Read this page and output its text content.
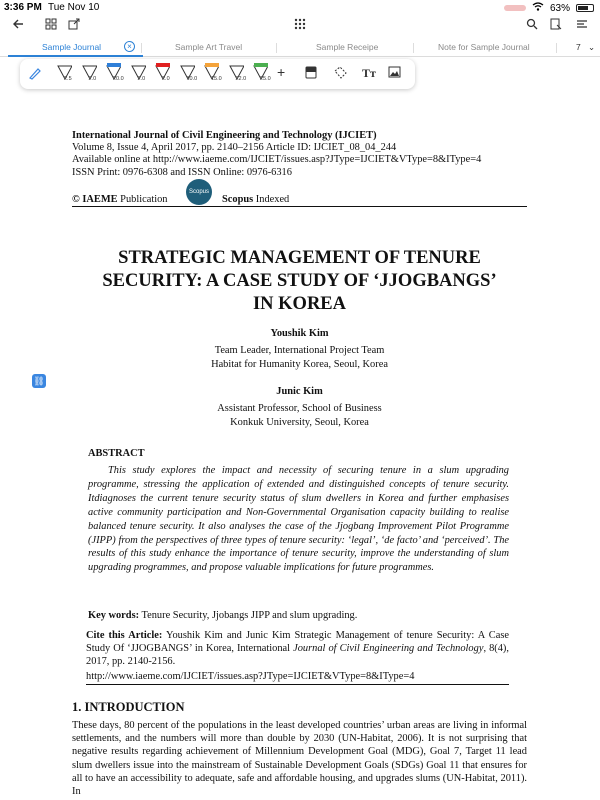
3:36 PM Tue Nov 10	63%
Sample Journal	×	Sample Art Travel	Sample Receipe	Note for Sample Journal	7 ⌄
2.5	2.0	20.0	2.0	2.0	10.0	15.0	22.0	25.0 +	Tт
International Journal of Civil Engineering and Technology (IJCIET)
Volume 8, Issue 4, April 2017, pp. 2140–2156 Article ID: IJCIET_08_04_244
Available online at http://www.iaeme.com/IJCIET/issues.asp?JType=IJCIET&VType=8&IType=4
ISSN Print: 0976-6308 and ISSN Online: 0976-6316
© IAEME Publication
Scopus
Scopus Indexed
STRATEGIC MANAGEMENT OF TENURE
SECURITY: A CASE STUDY OF ‘JJOGBANGS’
IN KOREA
Youshik Kim
Team Leader, International Project Team
Habitat for Humanity Korea, Seoul, Korea
Junic Kim
Assistant Professor, School of Business
Konkuk University, Seoul, Korea
ABSTRACT
This study explores the impact and necessity of securing tenure in a slum upgrading programme, stressing the application of extended and distinguished concepts of tenure security. Itdiagnoses the current tenure security status of slum dwellers in Korea and further emphasises active community participation and Non-Governmental Organisation capacity building to realise balanced tenure security. It also analyses the case of the Jjogbang Improvement Pilot Programme (JIPP) from the perspectives of three types of tenure security: ‘legal’, ‘de facto’ and ‘perceived’. The results of this study enhance the importance of tenure security, improve the understanding of slum upgrading programmes, and propose valuable implications for future programmes.
Key words: Tenure Security, Jjobangs JIPP and slum upgrading.
Cite this Article: Youshik Kim and Junic Kim Strategic Management of tenure Security: A Case Study Of ‘JJOGBANGS’ in Korea, International Journal of Civil Engineering and Technology, 8(4), 2017, pp. 2140-2156.
http://www.iaeme.com/IJCIET/issues.asp?JType=IJCIET&VType=8&IType=4
1. INTRODUCTION
These days, 80 percent of the populations in the least developed countries’ urban areas are living in informal settlements, and the numbers will more than double by 2030 (UN-Habitat, 2006). It is not surprising that negative results regarding achievement of Millennium Development Goal (MDG), Goal 7, Target 11 lead slum dwellers issue into the mainstream of Sustainable Development Goals (SDGs) Goal 11 that ensures for all to have an accessibility to adequate, safe and affordable housing, and upgrades slums (UN-Habitat, 2011). In
⛓
